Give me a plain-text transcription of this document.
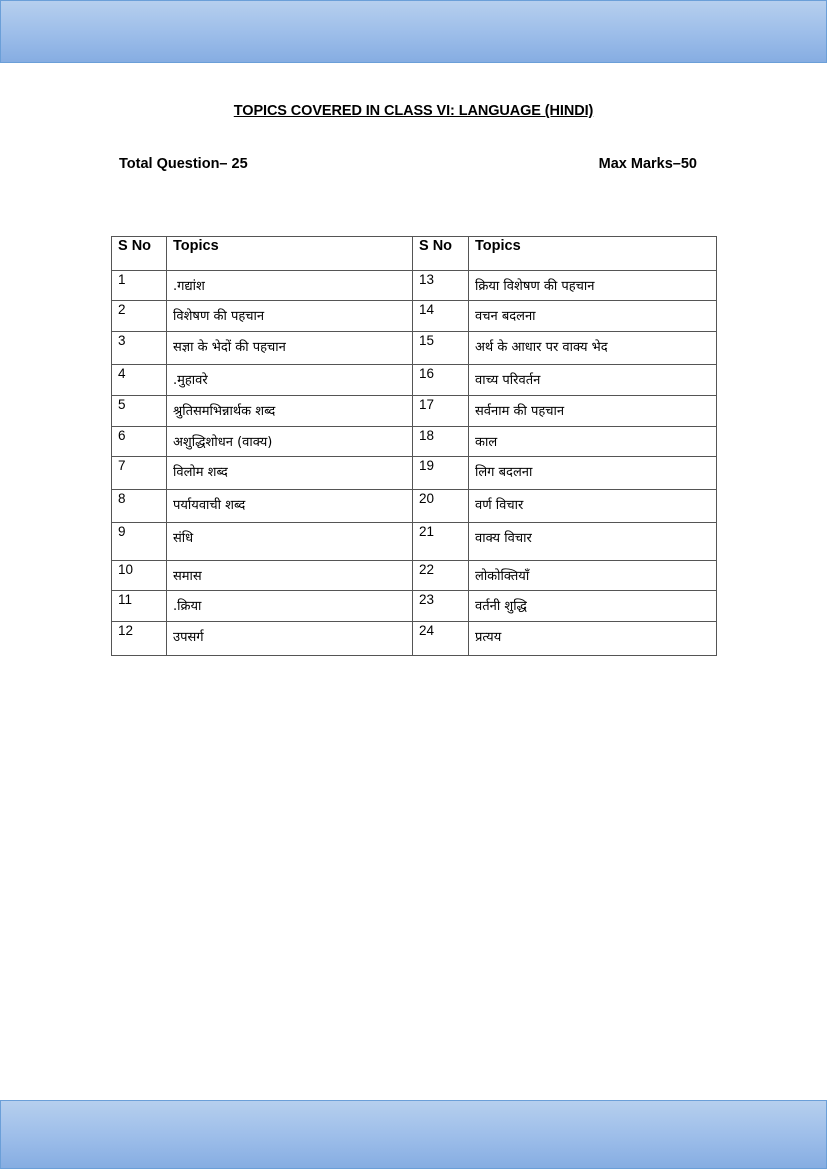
TOPICS COVERED IN CLASS VI: LANGUAGE (HINDI)
Total Question– 25	Max Marks–50
S No	Topics	S No	Topics
1	.गद्यांश	13	क्रिया विशेषण की पहचान
2	विशेषण की पहचान	14	वचन बदलना
3	सज्ञा के भेदों की पहचान	15	अर्थ के आधार पर वाक्य भेद
4	.मुहावरे	16	वाच्य परिवर्तन
5	श्रुतिसमभिन्नार्थक शब्द	17	सर्वनाम की पहचान
6	अशुद्धिशोधन (वाक्य)	18	काल
7	विलोम शब्द	19	लिग बदलना
8	पर्यायवाची शब्द	20	वर्ण विचार
9	संधि	21	वाक्य विचार
10	समास	22	लोकोक्तियाँ
11	.क्रिया	23	वर्तनी शुद्धि
12	उपसर्ग	24	प्रत्यय
